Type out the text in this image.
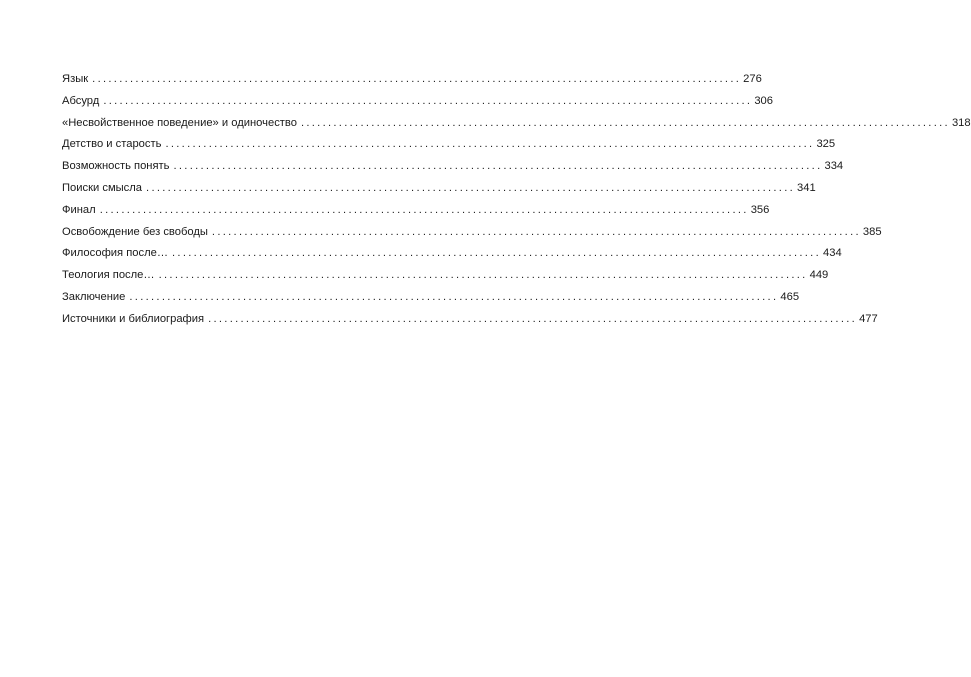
Язык ........................................................................................................................ 276
Абсурд ........................................................................................................................ 306
«Несвойственное поведение» и одиночество ........................................................................................................................ 318
Детство и старость ........................................................................................................................ 325
Возможность понять ........................................................................................................................ 334
Поиски смысла ........................................................................................................................ 341
Финал ........................................................................................................................ 356
Освобождение без свободы ........................................................................................................................ 385
Философия после… ........................................................................................................................ 434
Теология после… ........................................................................................................................ 449
Заключение ........................................................................................................................ 465
Источники и библиография ........................................................................................................................ 477
